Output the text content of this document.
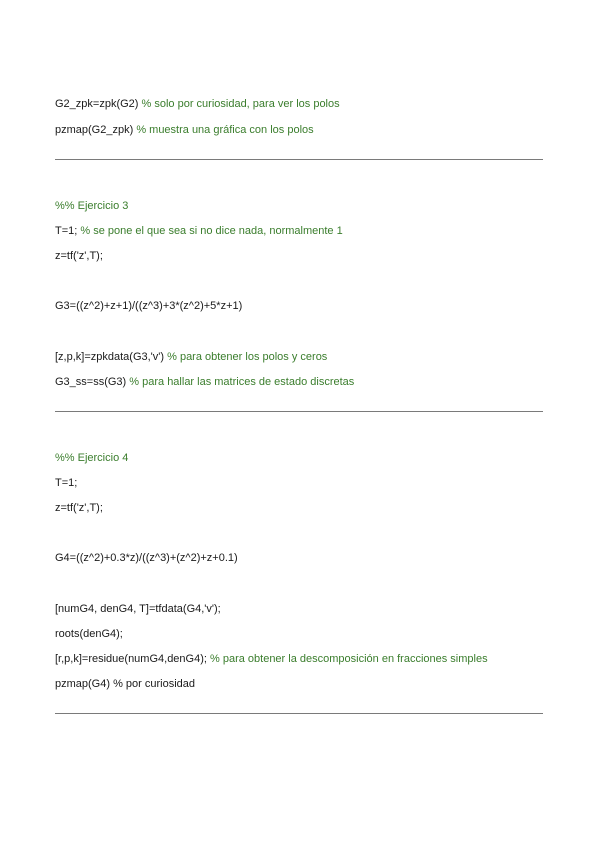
G2_zpk=zpk(G2) % solo por curiosidad, para ver los polos
pzmap(G2_zpk) % muestra una gráfica con los polos
%% Ejercicio 3
T=1; % se pone el que sea si no dice nada, normalmente 1
z=tf('z',T);
G3=((z^2)+z+1)/((z^3)+3*(z^2)+5*z+1)
[z,p,k]=zpkdata(G3,'v') % para obtener los polos y ceros
G3_ss=ss(G3) % para hallar las matrices de estado discretas
%% Ejercicio 4
T=1;
z=tf('z',T);
G4=((z^2)+0.3*z)/((z^3)+(z^2)+z+0.1)
[numG4, denG4, T]=tfdata(G4,'v');
roots(denG4);
[r,p,k]=residue(numG4,denG4); % para obtener la descomposición en fracciones simples
pzmap(G4) % por curiosidad
